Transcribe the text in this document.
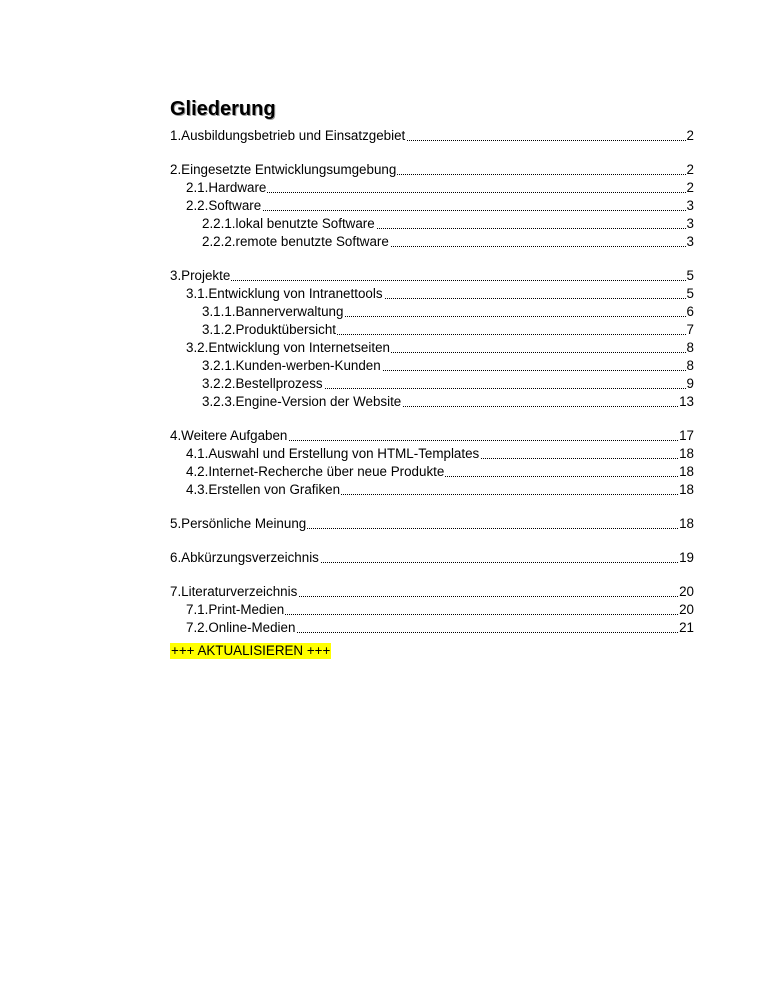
Gliederung
1.Ausbildungsbetrieb und Einsatzgebiet	2
2.Eingesetzte Entwicklungsumgebung	2
2.1.Hardware	2
2.2.Software	3
2.2.1.lokal benutzte Software	3
2.2.2.remote benutzte Software	3
3.Projekte	5
3.1.Entwicklung von Intranettools	5
3.1.1.Bannerverwaltung	6
3.1.2.Produktübersicht	7
3.2.Entwicklung von Internetseiten	8
3.2.1.Kunden-werben-Kunden	8
3.2.2.Bestellprozess	9
3.2.3.Engine-Version der Website	13
4.Weitere Aufgaben	17
4.1.Auswahl und Erstellung von HTML-Templates	18
4.2.Internet-Recherche über neue Produkte	18
4.3.Erstellen von Grafiken	18
5.Persönliche Meinung	18
6.Abkürzungsverzeichnis	19
7.Literaturverzeichnis	20
7.1.Print-Medien	20
7.2.Online-Medien	21
+++ AKTUALISIEREN +++
